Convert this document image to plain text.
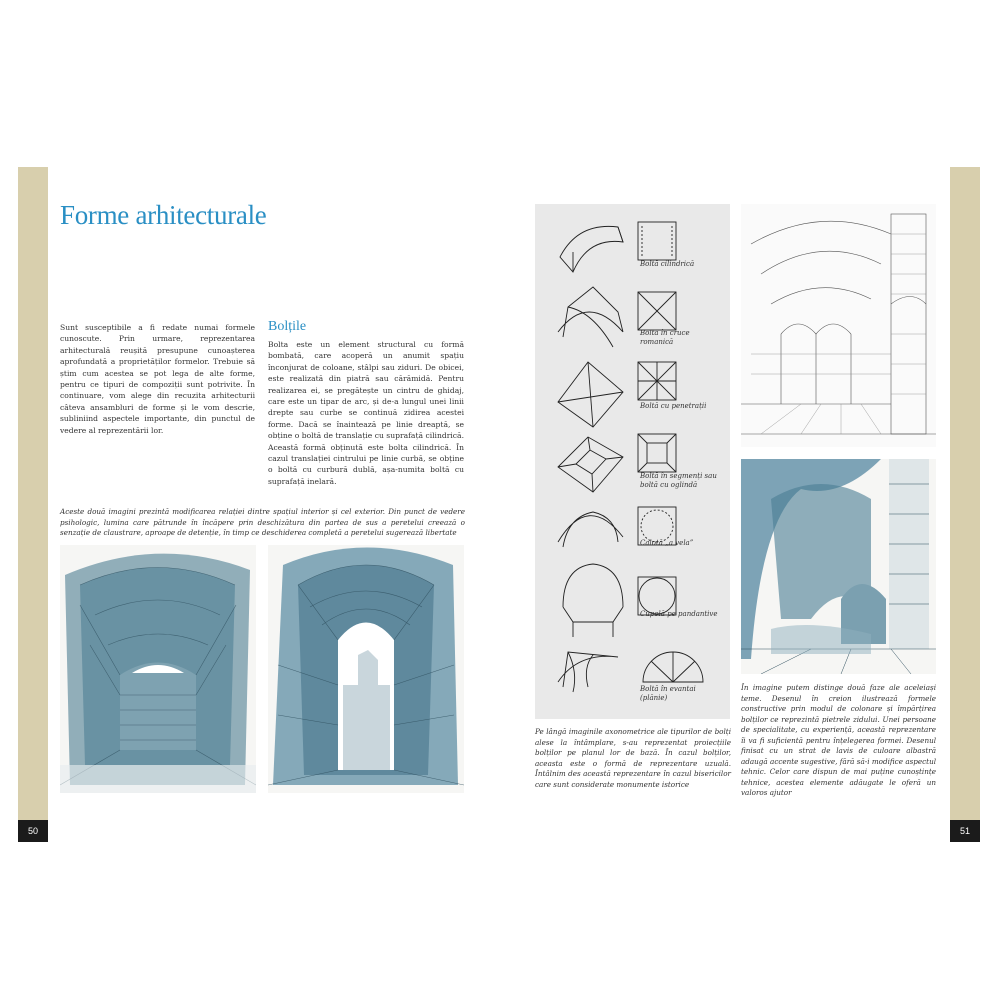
50	51
Forme arhitecturale
Sunt susceptibile a fi redate numai formele cunoscute. Prin urmare, reprezentarea arhitecturală reușită presupune cunoașterea aprofundată a proprietăților formelor. Trebuie să știm cum acestea se pot lega de alte forme, pentru ce tipuri de compoziții sunt potrivite. În continuare, vom alege din recuzita arhitecturii câteva ansambluri de forme și le vom descrie, subliniind aspectele importante, din punctul de vedere al reprezentării lor.
Bolțile
Bolta este un element structural cu formă bombată, care acoperă un anumit spațiu înconjurat de coloane, stâlpi sau ziduri. De obicei, este realizată din piatră sau cărămidă. Pentru realizarea ei, se pregătește un cintru de ghidaj, care este un tipar de arc, și de-a lungul unei linii drepte sau curbe se continuă zidirea acestei forme. Dacă se înaintează pe linie dreaptă, se obține o boltă de translație cu suprafață cilindrică. Această formă obținută este bolta cilindrică. În cazul translației cintrului pe linie curbă, se obține o boltă cu curbură dublă, așa-numita boltă cu suprafață inelară.
Aceste două imagini prezintă modificarea relației dintre spațiul interior și cel exterior. Din punct de vedere psihologic, lumina care pătrunde în încăpere prin deschizătura din partea de sus a peretelui creează o senzație de claustrare, aproape de detenție, în timp ce deschiderea completă a peretelui sugerează libertate
Boltă cilindrică
Boltă în cruce romanică
Boltă cu penetrații
Boltă în segmenți sau boltă cu oglindă
Calotă „a vela”
Cupolă pe pandantive
Boltă în evantai (plănie)
Pe lângă imaginile axonometrice ale tipurilor de bolți alese la întâmplare, s-au reprezentat proiecțiile bolților pe planul lor de bază. În cazul bolților, aceasta este o formă de reprezentare uzuală. Întâlnim des această reprezentare în cazul bisericilor care sunt considerate monumente istorice
În imagine putem distinge două faze ale aceleiași teme. Desenul în creion ilustrează formele constructive prin modul de colonare și împărțirea bolților ce reprezintă pietrele zidului. Unei persoane de specialitate, cu experiență, această reprezentare îi va fi suficientă pentru înțelegerea formei. Desenul finisat cu un strat de lavis de culoare albastră adaugă accente sugestive, fără să-i modifice aspectul tehnic. Celor care dispun de mai puține cunoștințe tehnice, acestea elemente adăugate le oferă un valoros ajutor
